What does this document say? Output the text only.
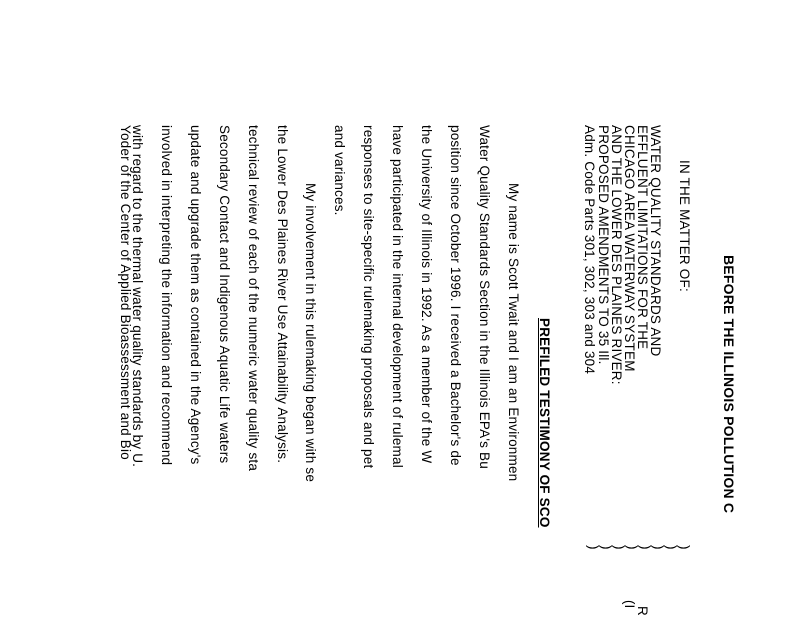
BEFORE THE ILLINOIS POLLUTION C
IN THE MATTER OF:
WATER QUALITY STANDARDS AND
EFFLUENT LIMITATIONS FOR THE
CHICAGO AREA WATERWAY SYSTEM
AND THE LOWER DES PLAINES RIVER:
PROPOSED AMENDMENTS TO 35 Ill.
Adm. Code Parts 301, 302, 303 and 304
)
)
)
)
)
)
)
)
R
(I
PREFILED TESTIMONY OF SCO
My name is Scott Twait and I am an Environmen
Water Quality Standards Section in the Illinois EPA's Bu
position since October 1996. I received a Bachelor's de
the University of Illinois in 1992. As a member of the W
have participated in the internal development of rulemal
responses to site-specific rulemaking proposals and pet
and variances.
My involvement in this rulemaking began with se
the Lower Des Plaines River Use Attainability Analysis.
technical review of each of the numeric water quality sta
Secondary Contact and Indigenous Aquatic Life waters
update and upgrade them as contained in the Agency's
involved in interpreting the information and recommend
with regard to the thermal water quality standards by U.
Yoder of the Center of Applied Bioassessment and Bio
